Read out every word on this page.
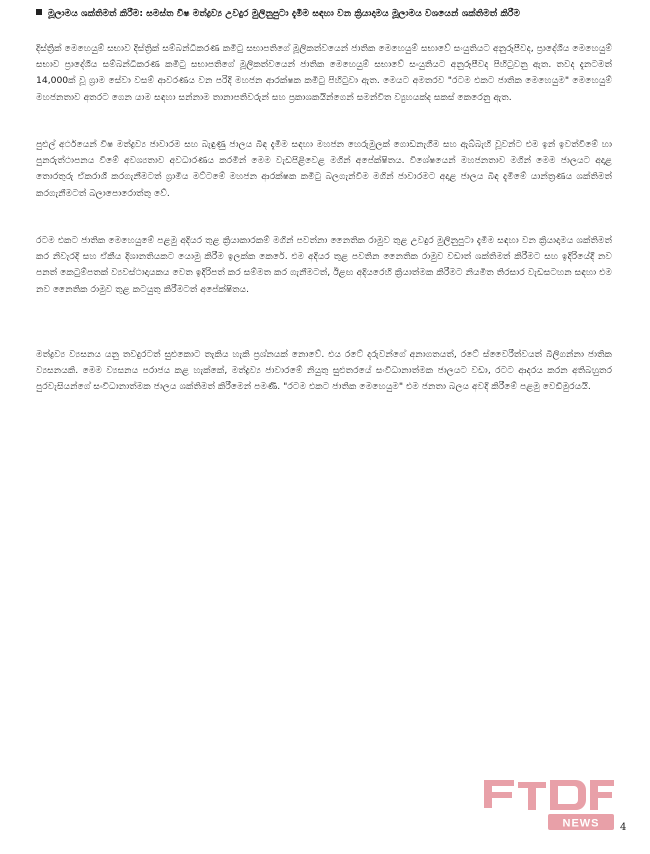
මූලාමය ශක්තිමත් කිරීම: සමස්ත විෂ මත්ද්‍රව්‍ය උවදුර මුලිනුපුටා දැමීම සඳහා වන ක්‍රියාදාමය මූලාමය වශයෙන් ශක්තිමත් කිරීම

දිස්ත්‍රික් මෙහෙයුම් සභාව දිස්ත්‍රික් සම්බන්ධීකරණ කමිටු සභාපතිගේ මූලිකත්වයෙන් ජාතික මෙහෙයුම් සභාවේ සංයුතියට අනුරූපීවද, ප්‍රාදේශීය මෙහෙයුම් සභාව ප්‍රාදේශීය සම්බන්ධීකරණ කමිටු සභාපතිගේ මූලිකත්වයෙන් ජාතික මෙහෙයුම් සභාවේ සංයුතියට අනුරූපීවද පිහිටුවනු ඇත. තවද දැනටමත් 14,000ක් වූ ග්‍රාම සේවා වසම් ආවරණය වන පරිදි මහජන ආරක්ෂක කමිටු පිහිටුවා ඇත. මෙයට අමතරව "රටම එකට ජාතික මෙහෙයුම" මෙහෙයුම් මහජනතාව අතරට ගෙන යාම සඳහා සන්නාම තානාපතිවරුන් සහ ප්‍රකාශකයින්ගෙන් සමන්විත ව්‍යුහයක්ද සකස් කෙරෙනු ඇත.

පුළුල් අර්ථයෙන් විෂ මත්ද්‍රව්‍ය ජාවාරම සහ බැඳුණු ජාලය බිඳ දැමීම සඳහා මහජන හෙරුමුලක් ගොඩනැගීම සහ ඇබ්බැහි වූවන්ට එම ඉන් ඉවත්වීමේ හා පුනරුත්ථාපනය වීමේ අවශ්‍යතාව අවධාරණය කරමින් මෙම වැඩපිළිවෙළ මගින් අපේක්ෂිතය. විශේෂයෙන් මහජනතාව මගින් මෙම ජාලයට අදාළ තොරතුරු ඒකරාශී කරගැනීමටත් ග්‍රාමීය මට්ටමේ මහජන ආරක්ෂක කමිටු බලගැන්වීම මගින් ජාවාරමට අදාළ ජාලය බිඳ දැමීමේ යාන්ත්‍රණය ශක්තිමත් කරගැනීමටත් බලාපොරොත්තු වේ.

රටම එකට ජාතික මෙහෙයුමේ පළමු අදියර තුළ ක්‍රියාකාරකම් මගින් පවත්නා නෛතික රාමුව තුළ උවදුර මුලිනුපුටා දැමීම සඳහා වන ක්‍රියාදාමය ශක්තිමත් කර නිවැරදි සහ ඒකීය දිශානතියකට යොමු කිරීම ඉලක්ක කෙරේ. එම අදියර තුළ පවතින නෛතික රාමුව වඩාත් ශක්තිමත් කිරීමට සහ ඉදිරියේදී නව පනත් කෙටුම්පතක් ව්‍යවස්ථාදායකය වෙත ඉදිරිපත් කර සම්මත කර ගැනීමටත්, ඊළඟ අදියරෙහි ක්‍රියාත්මක කිරීමට නියමිත තිරසාර වැඩසටහන සඳහා එම නව නෛතික රාමුව තුළ කටයුතු කිරීමටත් අපේක්ෂිතය.

මත්ද්‍රව්‍ය ව්‍යසනය යනු තවදුරටත් සුළුකොට තැකිය හැකි ප්‍රශ්නයක් නොවේ. එය රටේ දරුවන්ගේ අනාගතයත්, රටේ ස්වෛරීත්වයත් බිලිගන්නා ජාතික ව්‍යසනයකි. මෙම ව්‍යසනය පරාජය කළ හැක්කේ, මත්ද්‍රව්‍ය ජාවාරමේ නියුතු සුළුතරයේ සංවිධානාත්මක ජාලයට වඩා, රටට ආදරය කරන අතිබහුතර පුරවැසියන්ගේ සංවිධානාත්මක ජාලය ශක්තිමත් කිරීමෙන් පමණි. "රටම එකට ජාතික මෙහෙයුම" එම ජනතා බලය අවදි කිරීමේ පළමු වෙඩිමුරයයි.

NEWS 4
